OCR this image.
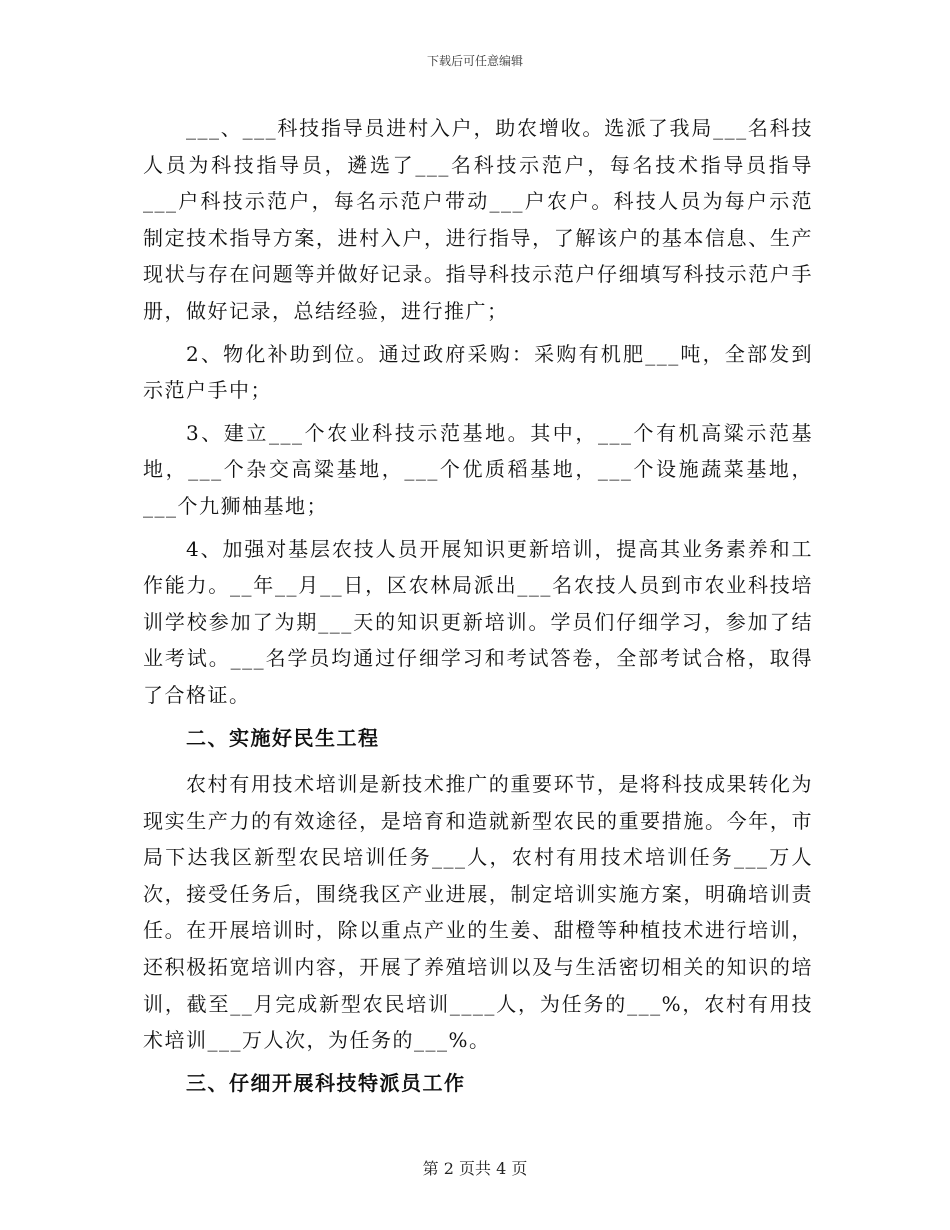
下载后可任意编辑

___、___科技指导员进村入户，助农增收。选派了我局___名科技人员为科技指导员，遴选了___名科技示范户，每名技术指导员指导___户科技示范户，每名示范户带动___户农户。科技人员为每户示范制定技术指导方案，进村入户，进行指导，了解该户的基本信息、生产现状与存在问题等并做好记录。指导科技示范户仔细填写科技示范户手册，做好记录，总结经验，进行推广；

2、物化补助到位。通过政府采购：采购有机肥___吨，全部发到示范户手中；

3、建立___个农业科技示范基地。其中，___个有机高粱示范基地，___个杂交高粱基地，___个优质稻基地，___个设施蔬菜基地，___个九狮柚基地；

4、加强对基层农技人员开展知识更新培训，提高其业务素养和工作能力。__年__月__日，区农林局派出___名农技人员到市农业科技培训学校参加了为期___天的知识更新培训。学员们仔细学习，参加了结业考试。___名学员均通过仔细学习和考试答卷，全部考试合格，取得了合格证。

二、实施好民生工程

农村有用技术培训是新技术推广的重要环节，是将科技成果转化为现实生产力的有效途径，是培育和造就新型农民的重要措施。今年，市局下达我区新型农民培训任务___人，农村有用技术培训任务___万人次，接受任务后，围绕我区产业进展，制定培训实施方案，明确培训责任。在开展培训时，除以重点产业的生姜、甜橙等种植技术进行培训，还积极拓宽培训内容，开展了养殖培训以及与生活密切相关的知识的培训，截至__月完成新型农民培训____人，为任务的___%，农村有用技术培训___万人次，为任务的___%。

三、仔细开展科技特派员工作

第 2 页共 4 页
